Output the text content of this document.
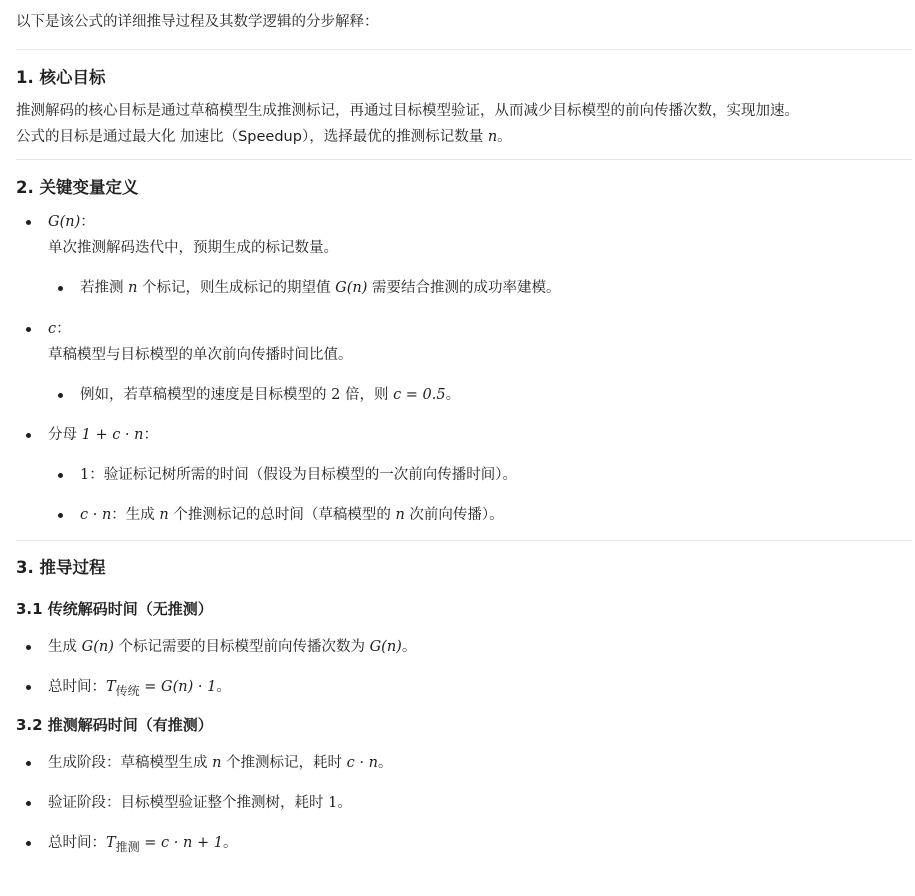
以下是该公式的详细推导过程及其数学逻辑的分步解释：

1. 核心目标

推测解码的核心目标是通过草稿模型生成推测标记，再通过目标模型验证，从而减少目标模型的前向传播次数，实现加速。
公式的目标是通过最大化 加速比（Speedup），选择最优的推测标记数量 n。

2. 关键变量定义
G(n)：
单次推测解码迭代中，预期生成的标记数量。
若推测 n 个标记，则生成标记的期望值 G(n) 需要结合推测的成功率建模。
c：
草稿模型与目标模型的单次前向传播时间比值。
例如，若草稿模型的速度是目标模型的 2 倍，则 c = 0.5。
分母 1 + c · n：
1：验证标记树所需的时间（假设为目标模型的一次前向传播时间）。
c · n：生成 n 个推测标记的总时间（草稿模型的 n 次前向传播）。
3. 推导过程
3.1 传统解码时间（无推测）
生成 G(n) 个标记需要的目标模型前向传播次数为 G(n)。
总时间：$T_{传统} = G(n) \cdot 1$。
3.2 推测解码时间（有推测）
生成阶段：草稿模型生成 n 个推测标记，耗时 c · n。
验证阶段：目标模型验证整个推测树，耗时 1。
总时间：$T_{推测} = c \cdot n + 1$。
